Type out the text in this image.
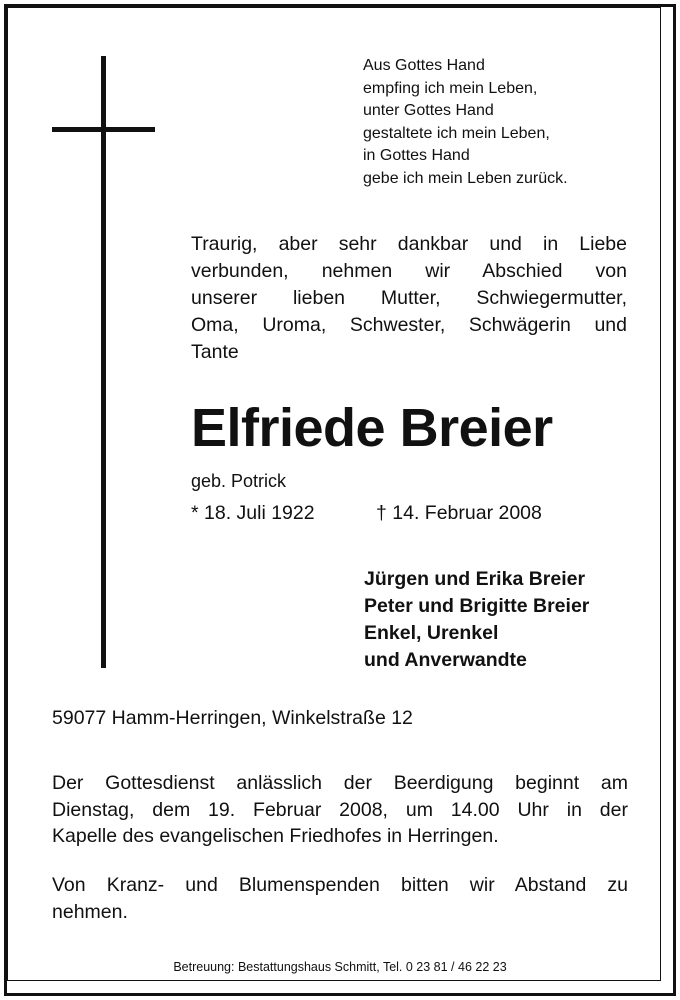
Aus Gottes Hand
empfing ich mein Leben,
unter Gottes Hand
gestaltete ich mein Leben,
in Gottes Hand
gebe ich mein Leben zurück.
Traurig, aber sehr dankbar und in Liebe
verbunden, nehmen wir Abschied von
unserer lieben Mutter, Schwiegermutter,
Oma, Uroma, Schwester, Schwägerin und
Tante
Elfriede Breier
geb. Potrick
* 18. Juli 1922	† 14. Februar 2008
Jürgen und Erika Breier
Peter und Brigitte Breier
Enkel, Urenkel
und Anverwandte
59077 Hamm-Herringen, Winkelstraße 12
Der Gottesdienst anlässlich der Beerdigung beginnt am
Dienstag, dem 19. Februar 2008, um 14.00 Uhr in der
Kapelle des evangelischen Friedhofes in Herringen.
Von Kranz- und Blumenspenden bitten wir Abstand zu
nehmen.
Betreuung: Bestattungshaus Schmitt, Tel. 0 23 81 / 46 22 23
